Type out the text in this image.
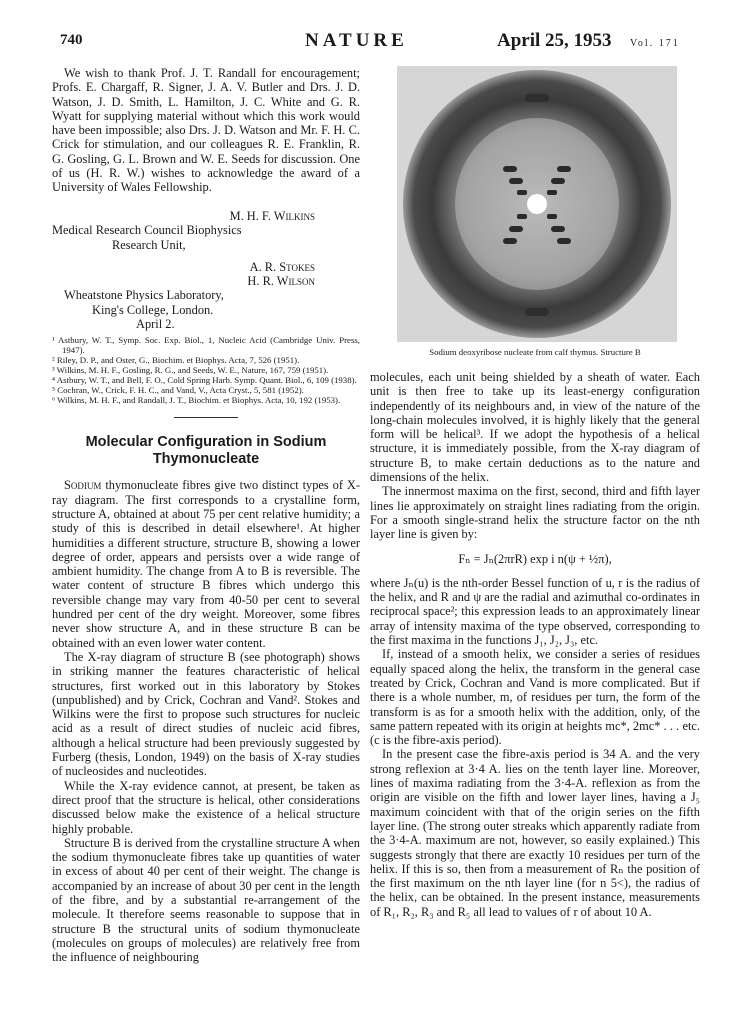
740	NATURE	April 25, 1953 Vol. 171

We wish to thank Prof. J. T. Randall for encouragement; Profs. E. Chargaff, R. Signer, J. A. V. Butler and Drs. J. D. Watson, J. D. Smith, L. Hamilton, J. C. White and G. R. Wyatt for supplying material without which this work would have been impossible; also Drs. J. D. Watson and Mr. F. H. C. Crick for stimulation, and our colleagues R. E. Franklin, R. G. Gosling, G. L. Brown and W. E. Seeds for discussion. One of us (H. R. W.) wishes to acknowledge the award of a University of Wales Fellowship.

M. H. F. Wilkins

Medical Research Council Biophysics

Research Unit,

A. R. Stokes

H. R. Wilson

Wheatstone Physics Laboratory,

King's College, London.

April 2.

¹ Astbury, W. T., Symp. Soc. Exp. Biol., 1, Nucleic Acid (Cambridge Univ. Press, 1947).
² Riley, D. P., and Oster, G., Biochim. et Biophys. Acta, 7, 526 (1951).
³ Wilkins, M. H. F., Gosling, R. G., and Seeds, W. E., Nature, 167, 759 (1951).
⁴ Astbury, W. T., and Bell, F. O., Cold Spring Harb. Symp. Quant. Biol., 6, 109 (1938).
⁵ Cochran, W., Crick, F. H. C., and Vand, V., Acta Cryst., 5, 581 (1952).
⁶ Wilkins, M. H. F., and Randall, J. T., Biochim. et Biophys. Acta, 10, 192 (1953).
Molecular Configuration in Sodium Thymonucleate

Sodium thymonucleate fibres give two distinct types of X-ray diagram. The first corresponds to a crystalline form, structure A, obtained at about 75 per cent relative humidity; a study of this is described in detail elsewhere¹. At higher humidities a different structure, structure B, showing a lower degree of order, appears and persists over a wide range of ambient humidity. The change from A to B is reversible. The water content of structure B fibres which undergo this reversible change may vary from 40-50 per cent to several hundred per cent of the dry weight. Moreover, some fibres never show structure A, and in these structure B can be obtained with an even lower water content.

The X-ray diagram of structure B (see photograph) shows in striking manner the features characteristic of helical structures, first worked out in this laboratory by Stokes (unpublished) and by Crick, Cochran and Vand². Stokes and Wilkins were the first to propose such structures for nucleic acid as a result of direct studies of nucleic acid fibres, although a helical structure had been previously suggested by Furberg (thesis, London, 1949) on the basis of X-ray studies of nucleosides and nucleotides.

While the X-ray evidence cannot, at present, be taken as direct proof that the structure is helical, other considerations discussed below make the existence of a helical structure highly probable.

Structure B is derived from the crystalline structure A when the sodium thymonucleate fibres take up quantities of water in excess of about 40 per cent of their weight. The change is accompanied by an increase of about 30 per cent in the length of the fibre, and by a substantial re-arrangement of the molecule. It therefore seems reasonable to suppose that in structure B the structural units of sodium thymonucleate (molecules on groups of molecules) are relatively free from the influence of neighbouring

Sodium deoxyribose nucleate from calf thymus. Structure B

molecules, each unit being shielded by a sheath of water. Each unit is then free to take up its least-energy configuration independently of its neighbours and, in view of the nature of the long-chain molecules involved, it is highly likely that the general form will be helical³. If we adopt the hypothesis of a helical structure, it is immediately possible, from the X-ray diagram of structure B, to make certain deductions as to the nature and dimensions of the helix.

The innermost maxima on the first, second, third and fifth layer lines lie approximately on straight lines radiating from the origin. For a smooth single-strand helix the structure factor on the nth layer line is given by:

Fₙ = Jₙ(2πrR) exp i n(ψ + ½π),

where Jₙ(u) is the nth-order Bessel function of u, r is the radius of the helix, and R and ψ are the radial and azimuthal co-ordinates in reciprocal space²; this expression leads to an approximately linear array of intensity maxima of the type observed, corresponding to the first maxima in the functions J₁, J₂, J₃, etc.

If, instead of a smooth helix, we consider a series of residues equally spaced along the helix, the transform in the general case treated by Crick, Cochran and Vand is more complicated. But if there is a whole number, m, of residues per turn, the form of the transform is as for a smooth helix with the addition, only, of the same pattern repeated with its origin at heights mc*, 2mc* . . . etc. (c is the fibre-axis period).

In the present case the fibre-axis period is 34 A. and the very strong reflexion at 3·4 A. lies on the tenth layer line. Moreover, lines of maxima radiating from the 3·4-A. reflexion as from the origin are visible on the fifth and lower layer lines, having a J₅ maximum coincident with that of the origin series on the fifth layer line. (The strong outer streaks which apparently radiate from the 3·4-A. maximum are not, however, so easily explained.) This suggests strongly that there are exactly 10 residues per turn of the helix. If this is so, then from a measurement of Rₙ the position of the first maximum on the nth layer line (for n 5<), the radius of the helix, can be obtained. In the present instance, measurements of R₁, R₂, R₃ and R₅ all lead to values of r of about 10 A.
